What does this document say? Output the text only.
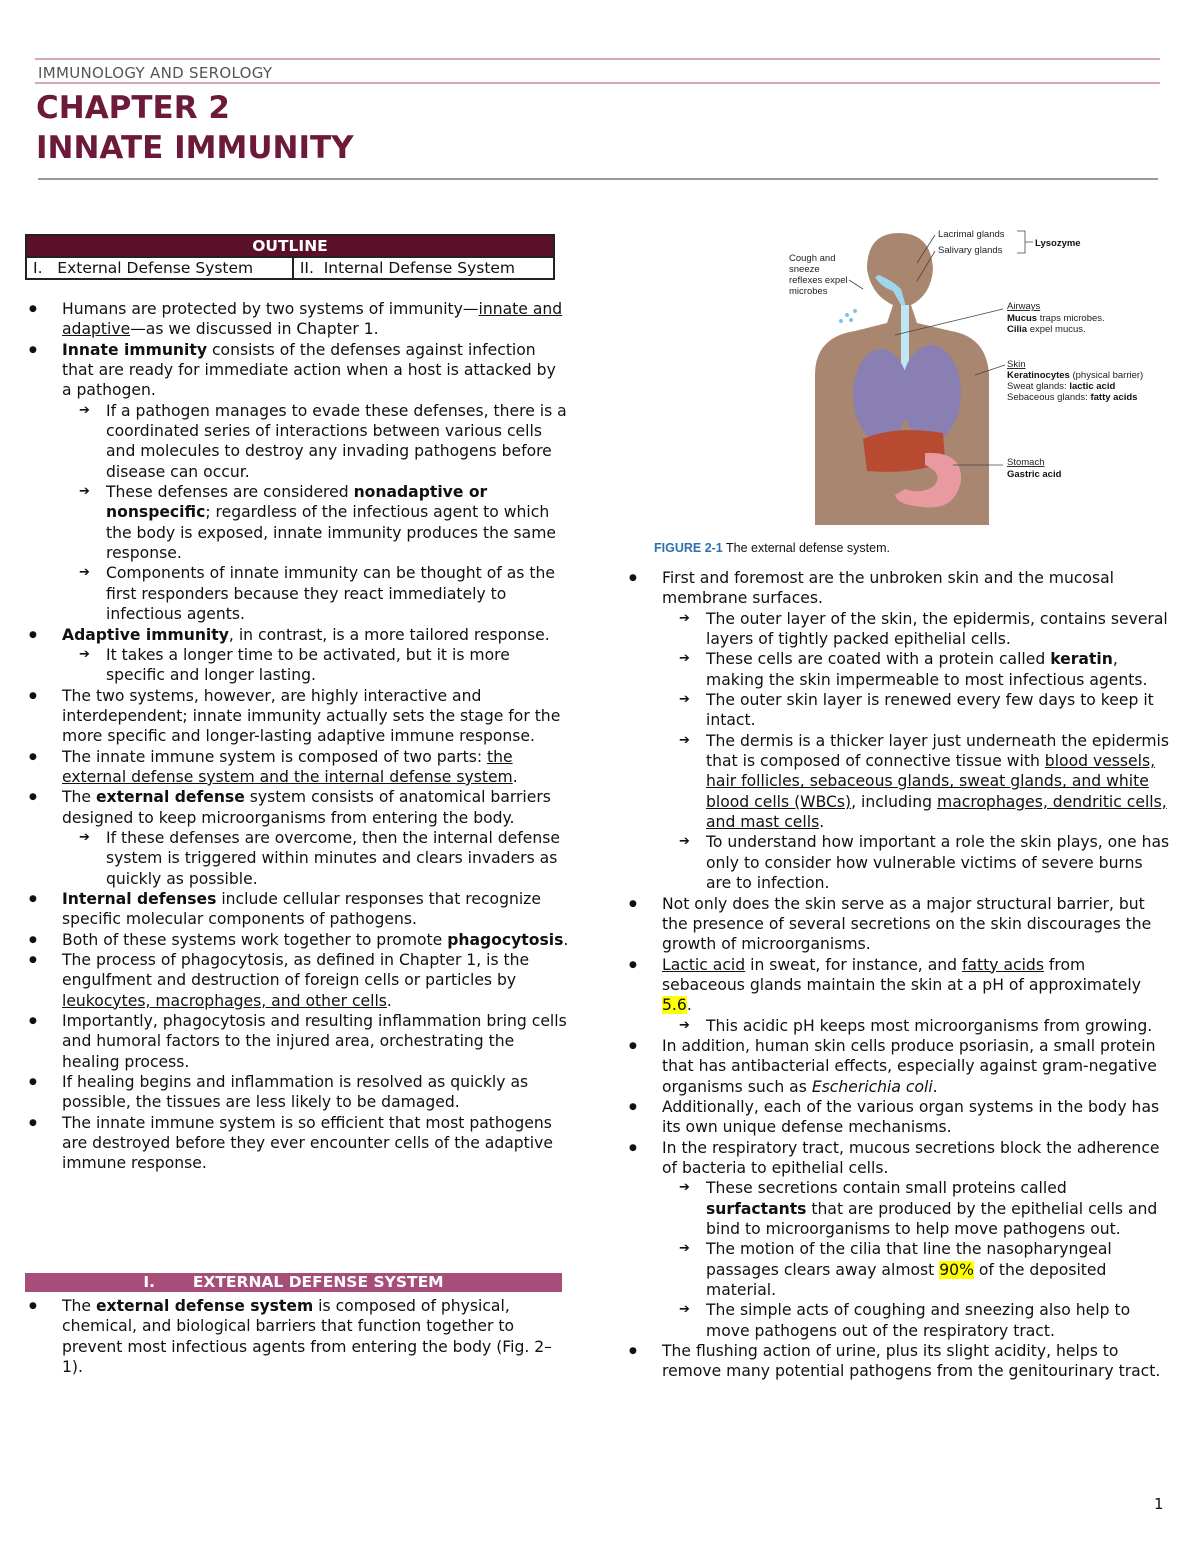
IMMUNOLOGY AND SEROLOGY
CHAPTER 2
INNATE IMMUNITY
OUTLINE
I.   External Defense System	II.  Internal Defense System
● Humans are protected by two systems of immunity—innate and adaptive—as we discussed in Chapter 1.
● Innate immunity consists of the defenses against infection that are ready for immediate action when a host is attacked by a pathogen.
➔ If a pathogen manages to evade these defenses, there is a coordinated series of interactions between various cells and molecules to destroy any invading pathogens before disease can occur.
➔ These defenses are considered nonadaptive or nonspecific; regardless of the infectious agent to which the body is exposed, innate immunity produces the same response.
➔ Components of innate immunity can be thought of as the first responders because they react immediately to infectious agents.
● Adaptive immunity, in contrast, is a more tailored response.
➔ It takes a longer time to be activated, but it is more specific and longer lasting.
● The two systems, however, are highly interactive and interdependent; innate immunity actually sets the stage for the more specific and longer-lasting adaptive immune response.
● The innate immune system is composed of two parts: the external defense system and the internal defense system.
● The external defense system consists of anatomical barriers designed to keep microorganisms from entering the body.
➔ If these defenses are overcome, then the internal defense system is triggered within minutes and clears invaders as quickly as possible.
● Internal defenses include cellular responses that recognize specific molecular components of pathogens.
● Both of these systems work together to promote phagocytosis.
● The process of phagocytosis, as defined in Chapter 1, is the engulfment and destruction of foreign cells or particles by leukocytes, macrophages, and other cells.
● Importantly, phagocytosis and resulting inflammation bring cells and humoral factors to the injured area, orchestrating the healing process.
● If healing begins and inflammation is resolved as quickly as possible, the tissues are less likely to be damaged.
● The innate immune system is so efficient that most pathogens are destroyed before they ever encounter cells of the adaptive immune response.
I.       EXTERNAL DEFENSE SYSTEM
● The external defense system is composed of physical, chemical, and biological barriers that function together to prevent most infectious agents from entering the body (Fig. 2–1).
Cough and
sneeze
reflexes expel
microbes
Lacrimal glands
Salivary glands
Lysozyme
Airways
Mucus traps microbes.
Cilia expel mucus.
Skin
Keratinocytes (physical barrier)
Sweat glands: lactic acid
Sebaceous glands: fatty acids
Stomach
Gastric acid
FIGURE 2-1 The external defense system.
● First and foremost are the unbroken skin and the mucosal membrane surfaces.
➔ The outer layer of the skin, the epidermis, contains several layers of tightly packed epithelial cells.
➔ These cells are coated with a protein called keratin, making the skin impermeable to most infectious agents.
➔ The outer skin layer is renewed every few days to keep it intact.
➔ The dermis is a thicker layer just underneath the epidermis that is composed of connective tissue with blood vessels, hair follicles, sebaceous glands, sweat glands, and white blood cells (WBCs), including macrophages, dendritic cells, and mast cells.
➔ To understand how important a role the skin plays, one has only to consider how vulnerable victims of severe burns are to infection.
● Not only does the skin serve as a major structural barrier, but the presence of several secretions on the skin discourages the growth of microorganisms.
● Lactic acid in sweat, for instance, and fatty acids from sebaceous glands maintain the skin at a pH of approximately 5.6.
➔ This acidic pH keeps most microorganisms from growing.
● In addition, human skin cells produce psoriasin, a small protein that has antibacterial effects, especially against gram-negative organisms such as Escherichia coli.
● Additionally, each of the various organ systems in the body has its own unique defense mechanisms.
● In the respiratory tract, mucous secretions block the adherence of bacteria to epithelial cells.
➔ These secretions contain small proteins called surfactants that are produced by the epithelial cells and bind to microorganisms to help move pathogens out.
➔ The motion of the cilia that line the nasopharyngeal passages clears away almost 90% of the deposited material.
➔ The simple acts of coughing and sneezing also help to move pathogens out of the respiratory tract.
● The flushing action of urine, plus its slight acidity, helps to remove many potential pathogens from the genitourinary tract.
1
